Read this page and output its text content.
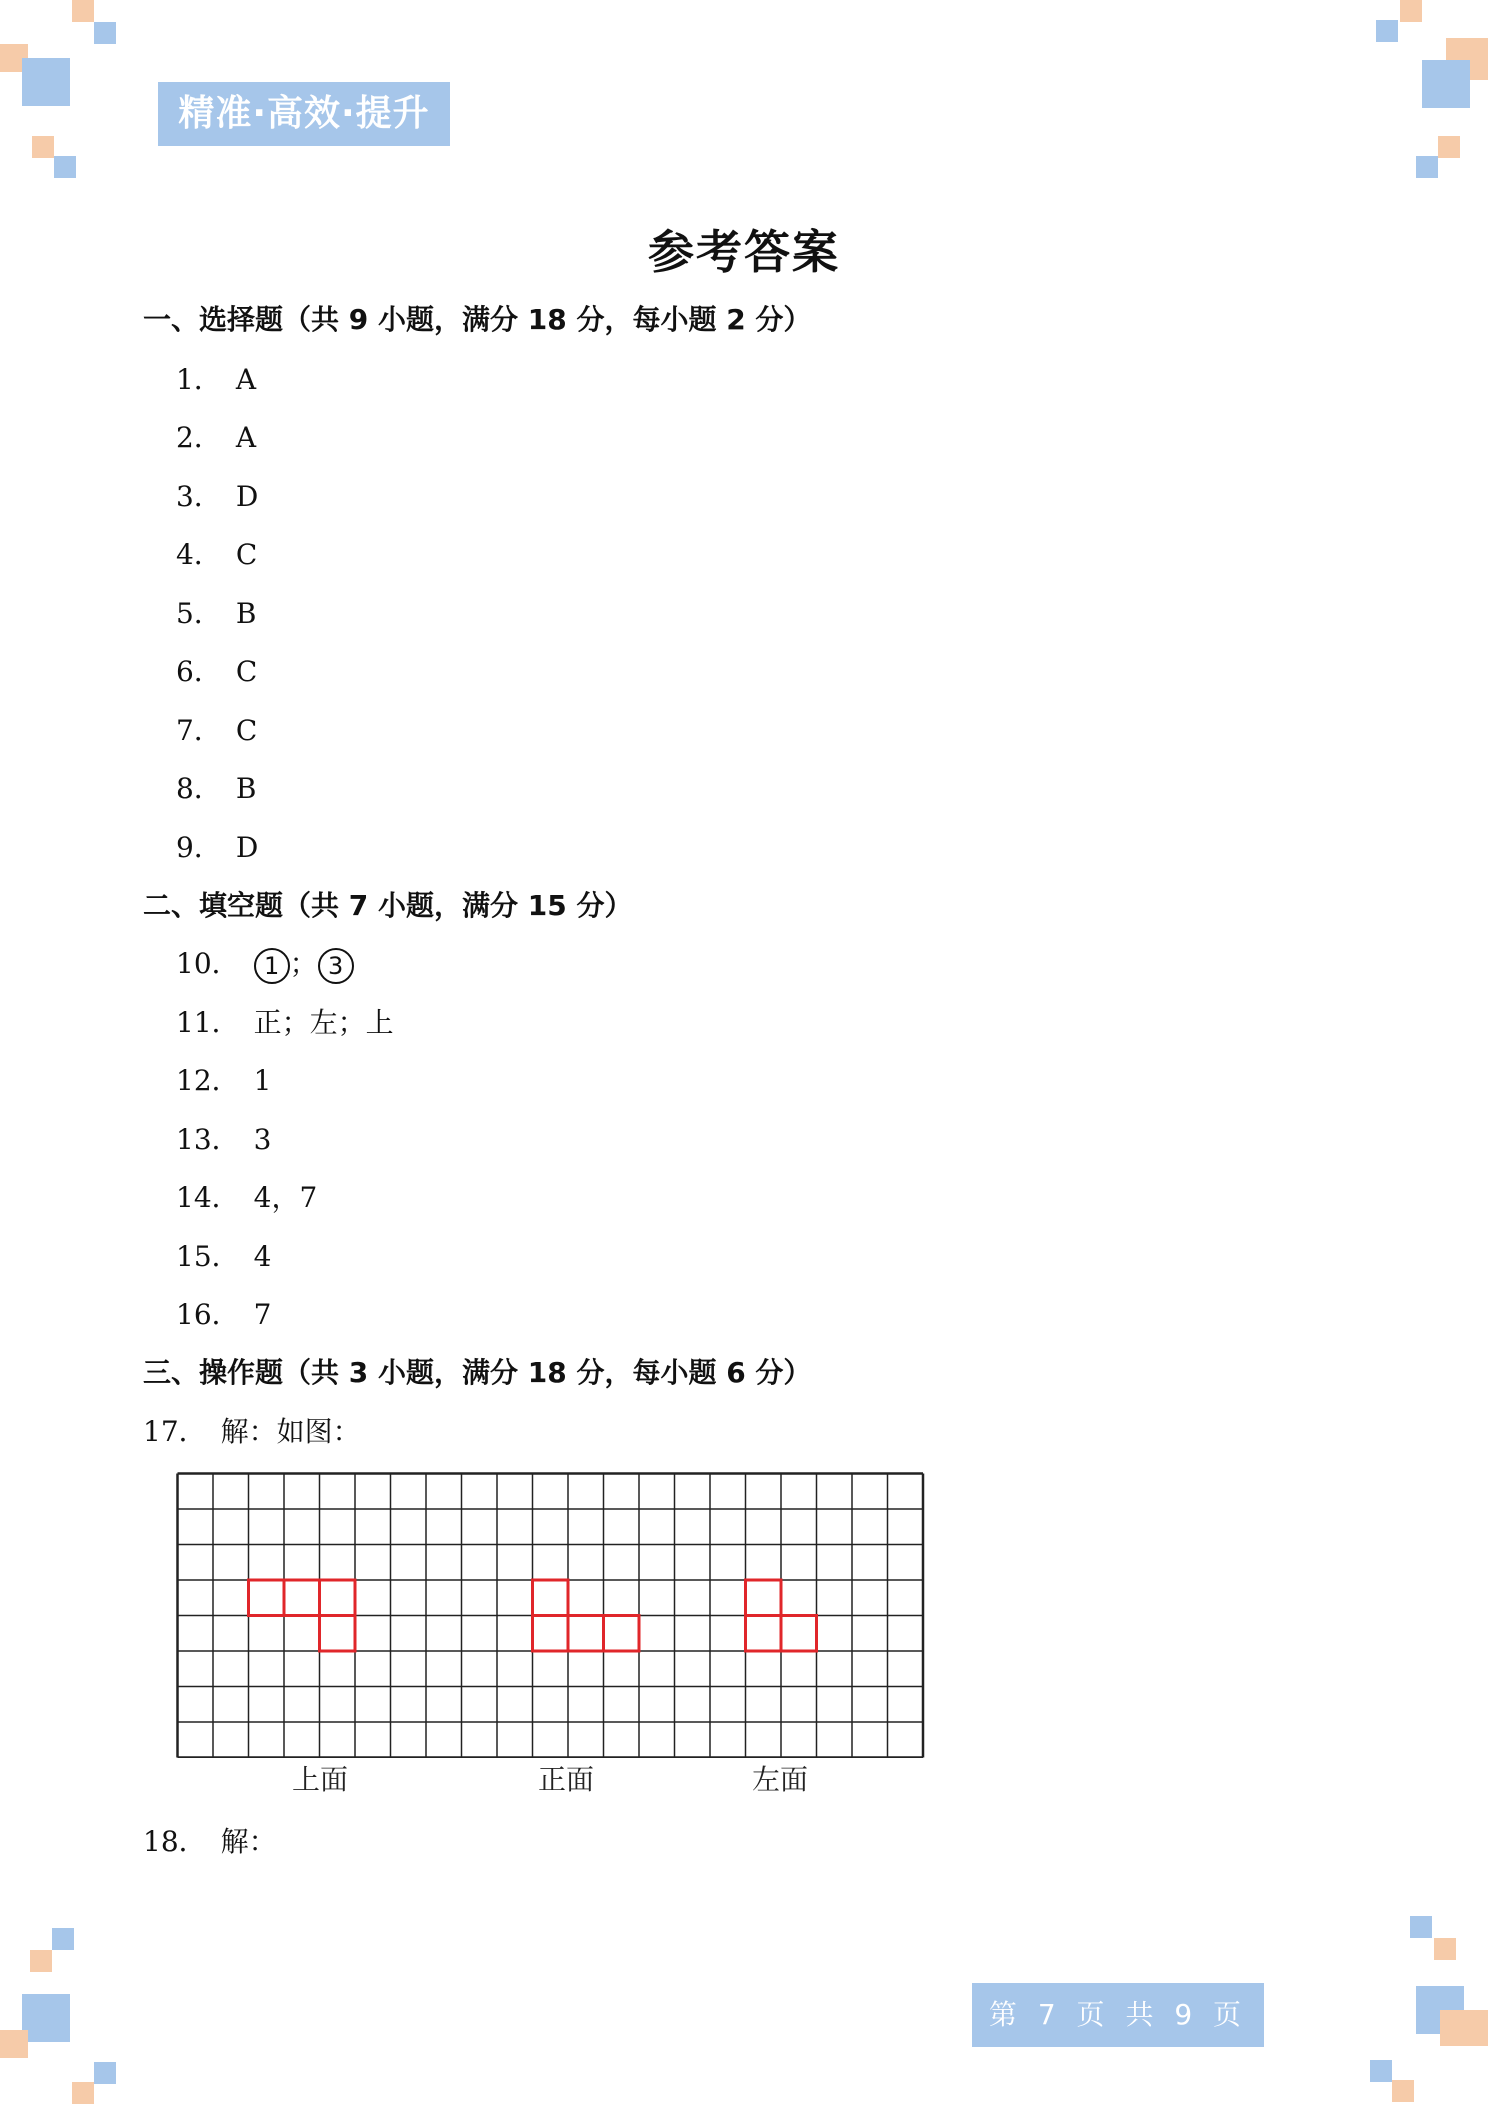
精准·高效·提升
参考答案
一、选择题（共 9 小题，满分 18 分，每小题 2 分）
1． A
2． A
3． D
4． C
5． B
6． C
7． C
8． B
9． D
二、填空题（共 7 小题，满分 15 分）
10． 1 ； 3
11． 正；左；上
12． 1
13． 3
14． 4，7
15． 4
16． 7
三、操作题（共 3 小题，满分 18 分，每小题 6 分）
17． 解：如图：
上面	正面	左面
18． 解：
第 7 页 共 9 页
